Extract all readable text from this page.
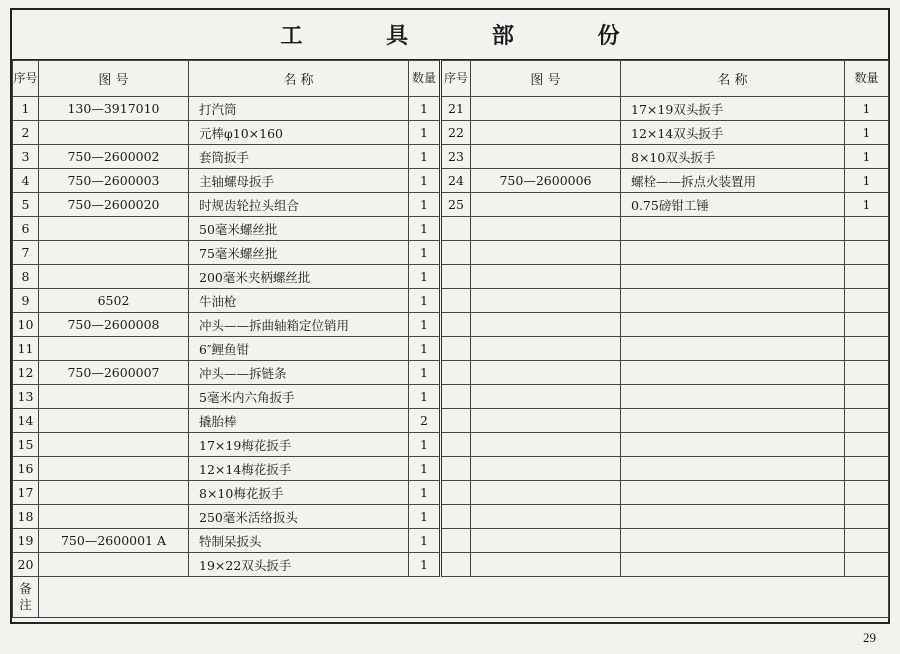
工 具 部 份
序号	图 号	名 称	数量	序号	图 号	名 称	数量
1	130—3917010	打汽筒	1	21		17×19双头扳手	1
2		元棒φ10×160	1	22		12×14双头扳手	1
3	750—2600002	套筒扳手	1	23		8×10双头扳手	1
4	750—2600003	主轴螺母扳手	1	24	750—2600006	螺栓——拆点火装置用	1
5	750—2600020	时规齿轮拉头组合	1	25		0.75磅钳工锤	1
6		50毫米螺丝批	1				
7		75毫米螺丝批	1				
8		200毫米夹柄螺丝批	1				
9	6502	牛油枪	1				
10	750—2600008	冲头——拆曲轴箱定位销用	1				
11		6″鲤鱼钳	1				
12	750—2600007	冲头——拆链条	1				
13		5毫米内六角扳手	1				
14		撬胎棒	2				
15		17×19梅花扳手	1				
16		12×14梅花扳手	1				
17		8×10梅花扳手	1				
18		250毫米活络扳头	1				
19	750—2600001 A	特制呆扳头	1				
20		19×22双头扳手	1				
备注							
29
